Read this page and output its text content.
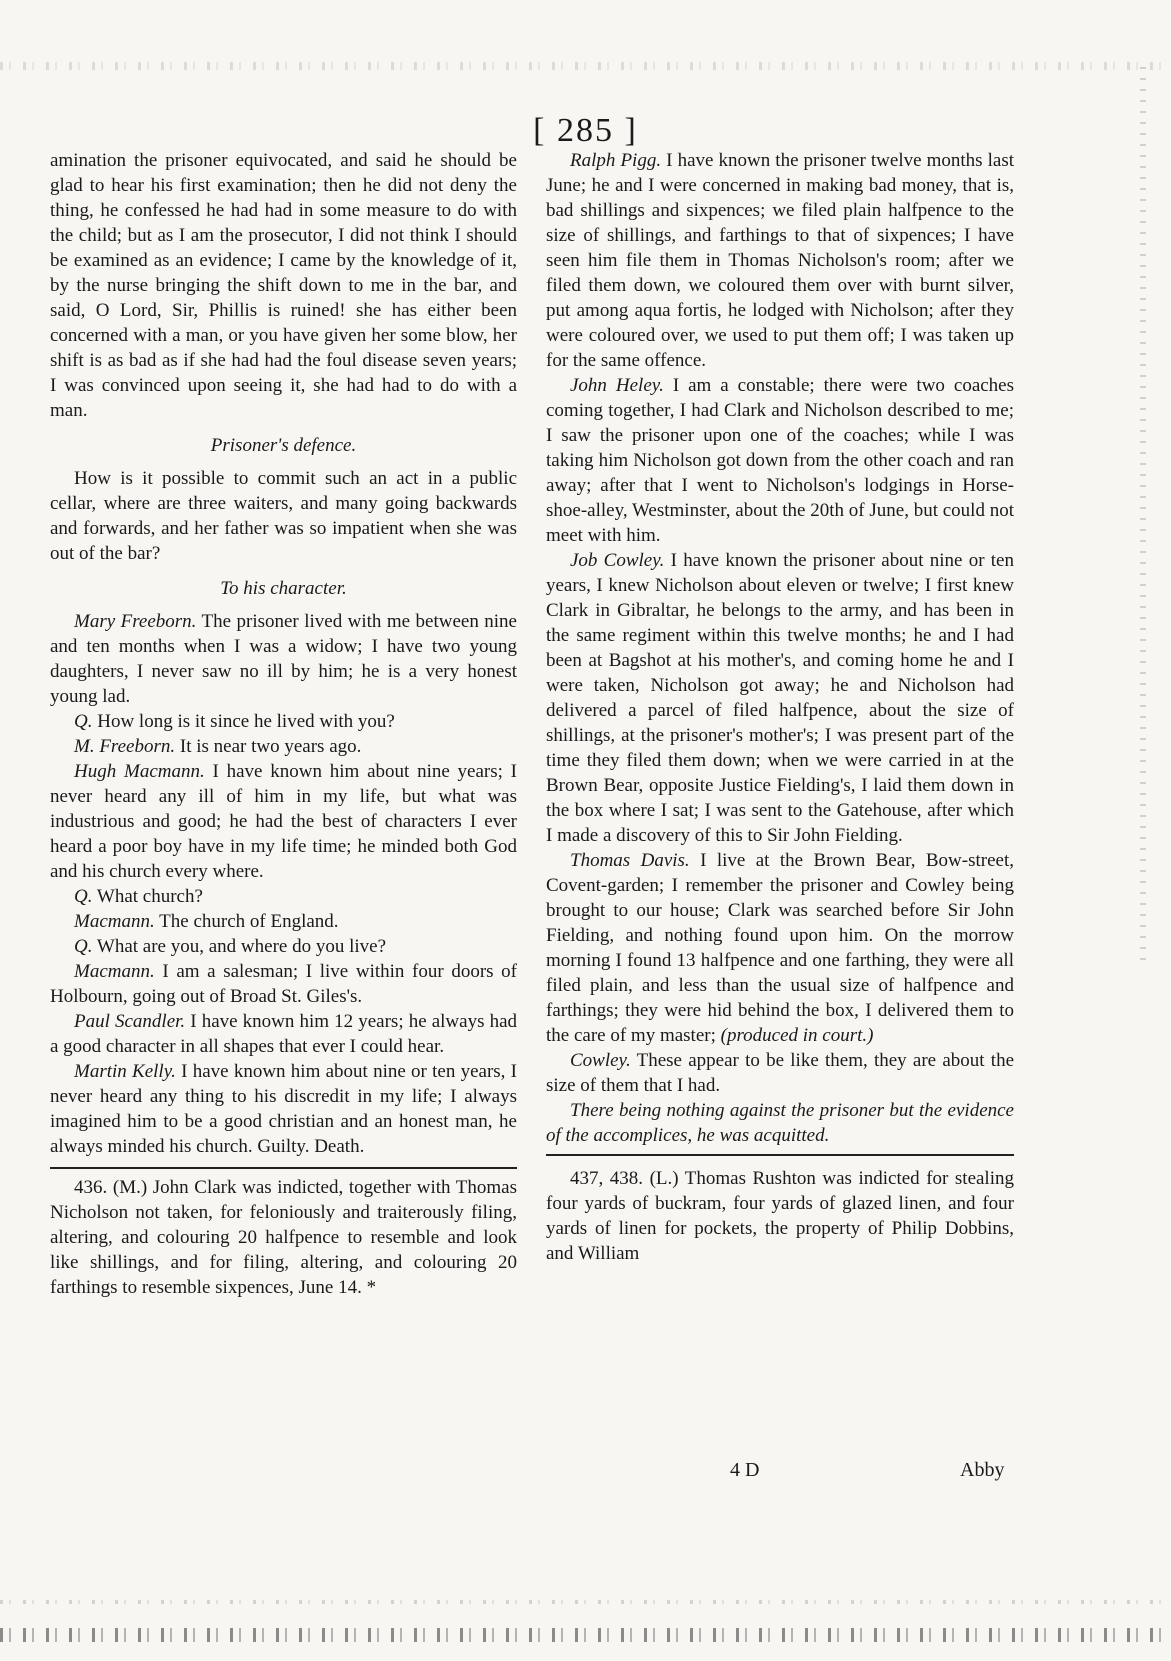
[ 285 ]

amination the prisoner equivocated, and said he should be glad to hear his first examination; then he did not deny the thing, he confessed he had had in some measure to do with the child; but as I am the prosecutor, I did not think I should be examined as an evidence; I came by the knowledge of it, by the nurse bringing the shift down to me in the bar, and said, O Lord, Sir, Phillis is ruined! she has either been concerned with a man, or you have given her some blow, her shift is as bad as if she had had the foul disease seven years; I was convinced upon seeing it, she had had to do with a man.

Prisoner's defence.

How is it possible to commit such an act in a public cellar, where are three waiters, and many going backwards and forwards, and her father was so impatient when she was out of the bar?

To his character.

Mary Freeborn. The prisoner lived with me between nine and ten months when I was a widow; I have two young daughters, I never saw no ill by him; he is a very honest young lad.

Q. How long is it since he lived with you?

M. Freeborn. It is near two years ago.

Hugh Macmann. I have known him about nine years; I never heard any ill of him in my life, but what was industrious and good; he had the best of characters I ever heard a poor boy have in my life time; he minded both God and his church every where.

Q. What church?

Macmann. The church of England.

Q. What are you, and where do you live?

Macmann. I am a salesman; I live within four doors of Holbourn, going out of Broad St. Giles's.

Paul Scandler. I have known him 12 years; he always had a good character in all shapes that ever I could hear.

Martin Kelly. I have known him about nine or ten years, I never heard any thing to his discredit in my life; I always imagined him to be a good christian and an honest man, he always minded his church. Guilty. Death.

436. (M.) John Clark was indicted, together with Thomas Nicholson not taken, for feloniously and traiterously filing, altering, and colouring 20 halfpence to resemble and look like shillings, and for filing, altering, and colouring 20 farthings to resemble sixpences, June 14. *

Ralph Pigg. I have known the prisoner twelve months last June; he and I were concerned in making bad money, that is, bad shillings and sixpences; we filed plain halfpence to the size of shillings, and farthings to that of sixpences; I have seen him file them in Thomas Nicholson's room; after we filed them down, we coloured them over with burnt silver, put among aqua fortis, he lodged with Nicholson; after they were coloured over, we used to put them off; I was taken up for the same offence.

John Heley. I am a constable; there were two coaches coming together, I had Clark and Nicholson described to me; I saw the prisoner upon one of the coaches; while I was taking him Nicholson got down from the other coach and ran away; after that I went to Nicholson's lodgings in Horse-shoe-alley, Westminster, about the 20th of June, but could not meet with him.

Job Cowley. I have known the prisoner about nine or ten years, I knew Nicholson about eleven or twelve; I first knew Clark in Gibraltar, he belongs to the army, and has been in the same regiment within this twelve months; he and I had been at Bagshot at his mother's, and coming home he and I were taken, Nicholson got away; he and Nicholson had delivered a parcel of filed halfpence, about the size of shillings, at the prisoner's mother's; I was present part of the time they filed them down; when we were carried in at the Brown Bear, opposite Justice Fielding's, I laid them down in the box where I sat; I was sent to the Gatehouse, after which I made a discovery of this to Sir John Fielding.

Thomas Davis. I live at the Brown Bear, Bow-street, Covent-garden; I remember the prisoner and Cowley being brought to our house; Clark was searched before Sir John Fielding, and nothing found upon him. On the morrow morning I found 13 halfpence and one farthing, they were all filed plain, and less than the usual size of halfpence and farthings; they were hid behind the box, I delivered them to the care of my master; (produced in court.)

Cowley. These appear to be like them, they are about the size of them that I had.

There being nothing against the prisoner but the evidence of the accomplices, he was acquitted.

437, 438. (L.) Thomas Rushton was indicted for stealing four yards of buckram, four yards of glazed linen, and four yards of linen for pockets, the property of Philip Dobbins, and William

4 D	Abby
